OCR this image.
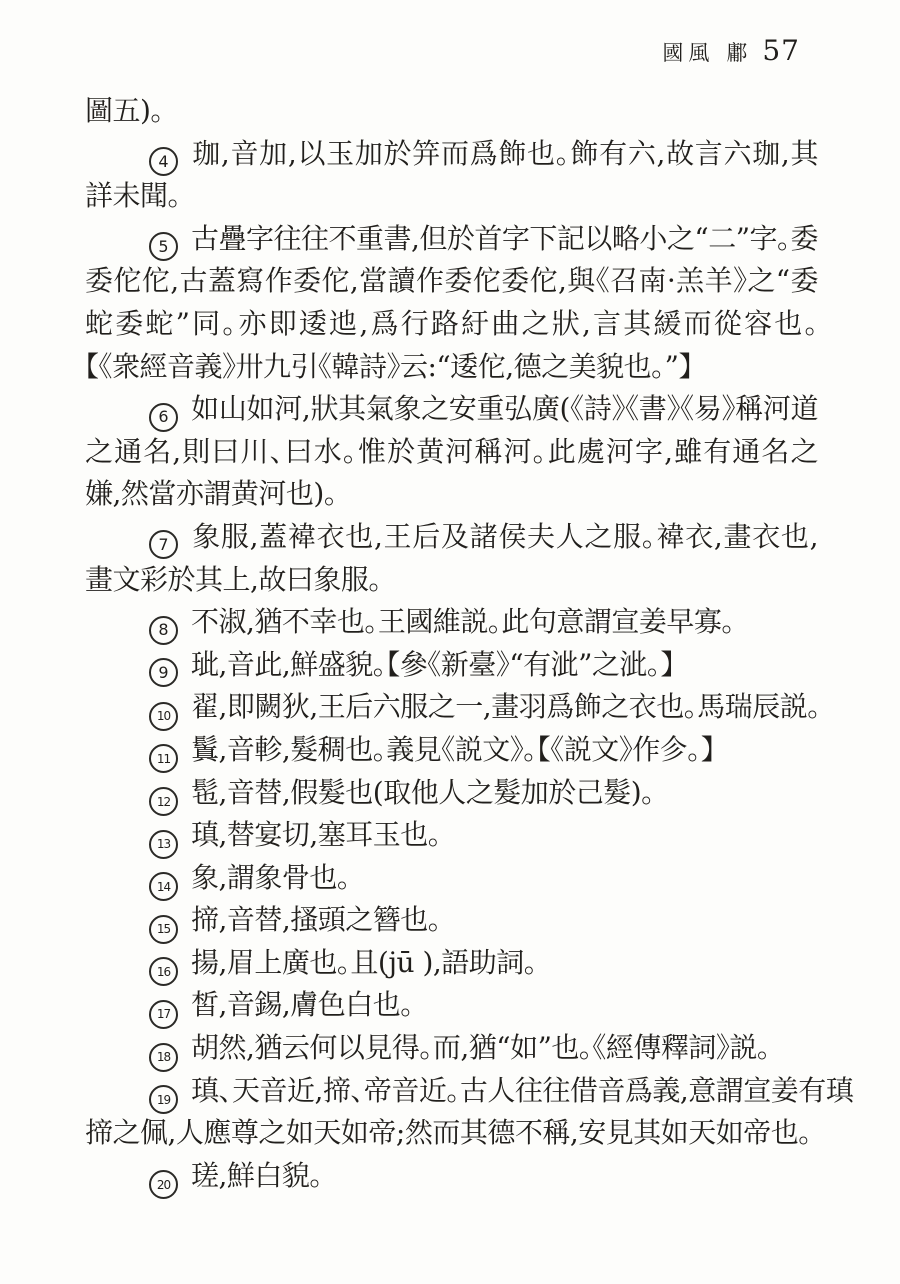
國風 鄘 57
圖五)。
4 珈,音加,以玉加於笄而爲飾也。飾有六,故言六珈,其
詳未聞。
5 古疊字往往不重書,但於首字下記以略小之“二”字。委
委佗佗,古蓋寫作委佗,當讀作委佗委佗,與《召南·羔羊》之“委
蛇委蛇”同。亦即逶迆,爲行路紆曲之狀,言其緩而從容也。
【《衆經音義》卅九引《韓詩》云:“逶佗,德之美貌也。”】
6 如山如河,狀其氣象之安重弘廣(《詩》《書》《易》稱河道
之通名,則曰川、曰水。惟於黄河稱河。此處河字,雖有通名之
嫌,然當亦謂黄河也)。
7 象服,蓋褘衣也,王后及諸侯夫人之服。褘衣,畫衣也,
畫文彩於其上,故曰象服。
8 不淑,猶不幸也。王國維説。此句意謂宣姜早寡。
9 玼,音此,鮮盛貌。【參《新臺》“有泚”之泚。】
10 翟,即闕狄,王后六服之一,畫羽爲飾之衣也。馬瑞辰説。
11 鬒,音軫,髮稠也。義見《説文》。【《説文》作㐱。】
12 髢,音替,假髮也(取他人之髮加於己髮)。
13 瑱,替宴切,塞耳玉也。
14 象,謂象骨也。
15 揥,音替,搔頭之簪也。
16 揚,眉上廣也。且(jū ),語助詞。
17 皙,音錫,膚色白也。
18 胡然,猶云何以見得。而,猶“如”也。《經傳釋詞》説。
19 瑱、天音近,揥、帝音近。古人往往借音爲義,意謂宣姜有瑱
揥之佩,人應尊之如天如帝;然而其德不稱,安見其如天如帝也。
20 瑳,鮮白貌。
